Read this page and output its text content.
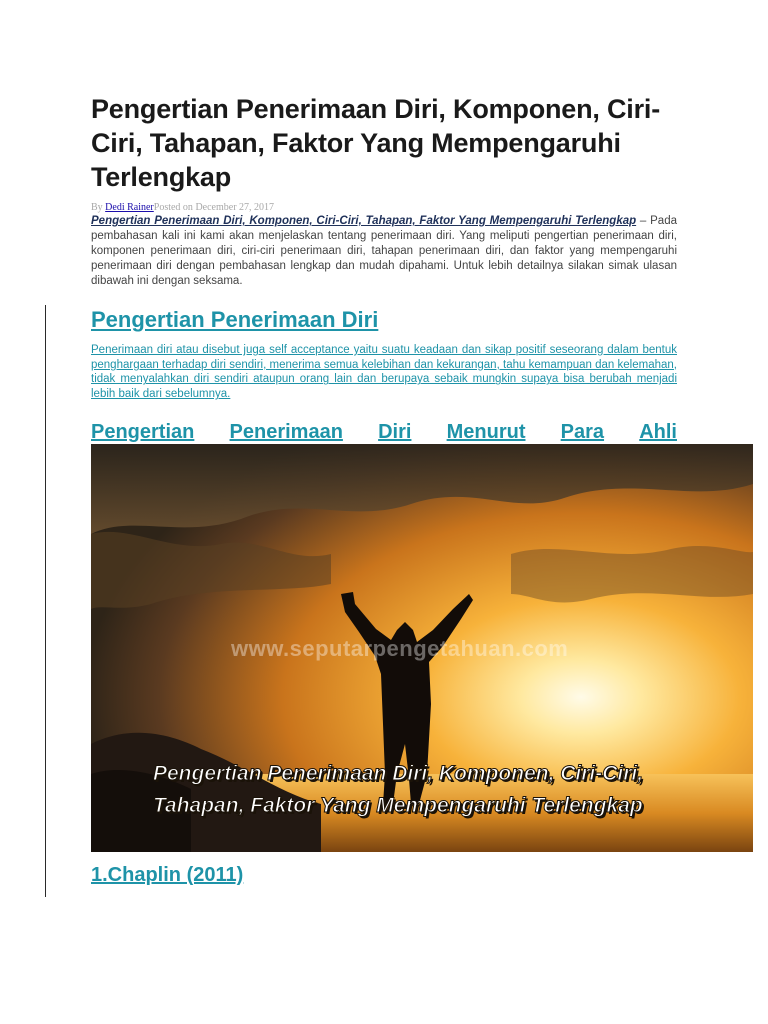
Pengertian Penerimaan Diri, Komponen, Ciri-Ciri, Tahapan, Faktor Yang Mempengaruhi Terlengkap
By Dedi RainerPosted on December 27, 2017

Pengertian Penerimaan Diri, Komponen, Ciri-Ciri, Tahapan, Faktor Yang Mempengaruhi Terlengkap – Pada pembahasan kali ini kami akan menjelaskan tentang penerimaan diri. Yang meliputi pengertian penerimaan diri, komponen penerimaan diri, ciri-ciri penerimaan diri, tahapan penerimaan diri, dan faktor yang mempengaruhi penerimaan diri dengan pembahasan lengkap dan mudah dipahami. Untuk lebih detailnya silakan simak ulasan dibawah ini dengan seksama.

Pengertian Penerimaan Diri

Penerimaan diri atau disebut juga self acceptance yaitu suatu keadaan dan sikap positif seseorang dalam bentuk penghargaan terhadap diri sendiri, menerima semua kelebihan dan kekurangan, tahu kemampuan dan kelemahan, tidak menyalahkan diri sendiri ataupun orang lain dan berupaya sebaik mungkin supaya bisa berubah menjadi lebih baik dari sebelumnya.

Pengertian Penerimaan Diri Menurut Para Ahli
www.seputarpengetahuan.com
Pengertian Penerimaan Diri, Komponen, Ciri-Ciri,
Tahapan, Faktor Yang Mempengaruhi Terlengkap
1.Chaplin (2011)
